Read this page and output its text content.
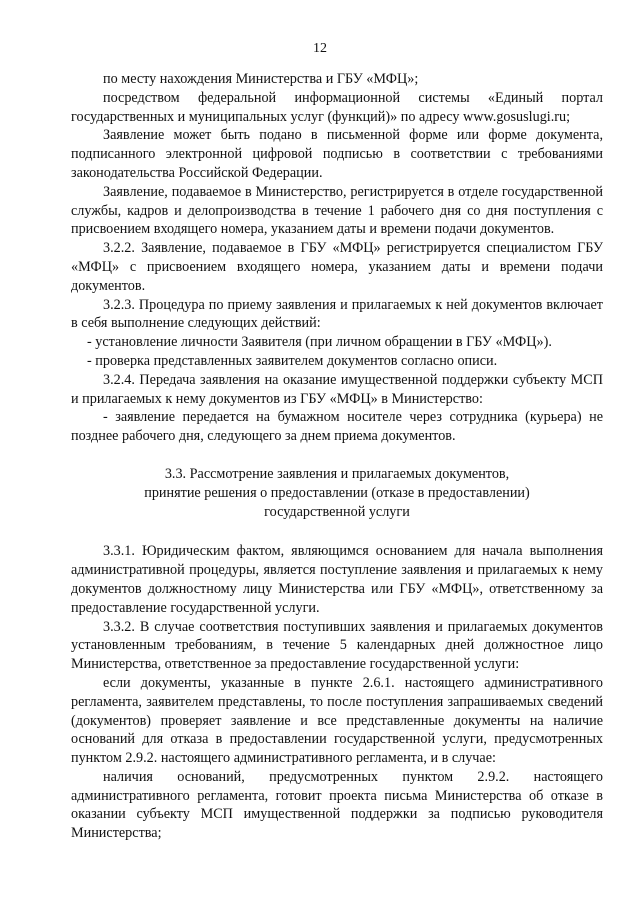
12

по месту нахождения Министерства и ГБУ «МФЦ»;

посредством федеральной информационной системы «Единый портал государственных и муниципальных услуг (функций)» по адресу www.gosuslugi.ru;

Заявление может быть подано в письменной форме или форме документа, подписанного электронной цифровой подписью в соответствии с требованиями законодательства Российской Федерации.

Заявление, подаваемое в Министерство, регистрируется в отделе государственной службы, кадров и делопроизводства в течение 1 рабочего дня со дня поступления с присвоением входящего номера, указанием даты и времени подачи документов.

3.2.2. Заявление, подаваемое в ГБУ «МФЦ» регистрируется специалистом ГБУ «МФЦ» с присвоением входящего номера, указанием даты и времени подачи документов.

3.2.3. Процедура по приему заявления и прилагаемых к ней документов включает в себя выполнение следующих действий:

- установление личности Заявителя (при личном обращении в ГБУ «МФЦ»).

- проверка представленных заявителем документов согласно описи.

3.2.4. Передача заявления на оказание имущественной поддержки субъекту МСП и прилагаемых к нему документов из ГБУ «МФЦ» в Министерство:

- заявление передается на бумажном носителе через сотрудника (курьера) не позднее рабочего дня, следующего за днем приема документов.

3.3. Рассмотрение заявления и прилагаемых документов,

принятие решения о предоставлении (отказе в предоставлении)

государственной услуги

3.3.1. Юридическим фактом, являющимся основанием для начала выполнения административной процедуры, является поступление заявления и прилагаемых к нему документов должностному лицу Министерства или ГБУ «МФЦ», ответственному за предоставление государственной услуги.

3.3.2. В случае соответствия поступивших заявления и прилагаемых документов установленным требованиям, в течение 5 календарных дней должностное лицо Министерства, ответственное за предоставление государственной услуги:

если документы, указанные в пункте 2.6.1. настоящего административного регламента, заявителем представлены, то после поступления запрашиваемых сведений (документов) проверяет заявление и все представленные документы на наличие оснований для отказа в предоставлении государственной услуги, предусмотренных пунктом 2.9.2. настоящего административного регламента, и в случае:

наличия оснований, предусмотренных пунктом 2.9.2. настоящего административного регламента, готовит проекта письма Министерства об отказе в оказании субъекту МСП имущественной поддержки за подписью руководителя Министерства;
